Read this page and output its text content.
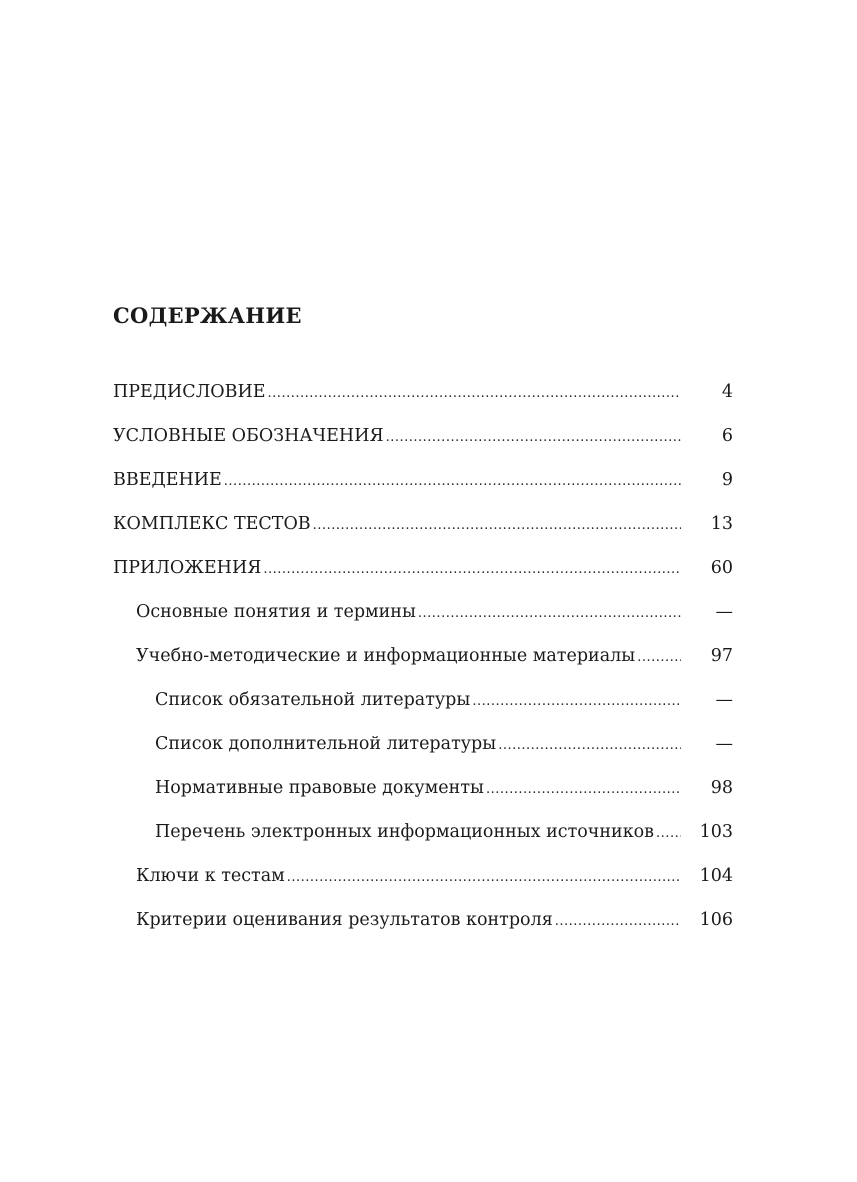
СОДЕРЖАНИЕ
ПРЕДИСЛОВИЕ .....	4
УСЛОВНЫЕ ОБОЗНАЧЕНИЯ .....	6
ВВЕДЕНИЕ .....	9
КОМПЛЕКС ТЕСТОВ .....	13
ПРИЛОЖЕНИЯ .....	60
Основные понятия и термины .....	—
Учебно-методические и информационные материалы .....	97
Список обязательной литературы .....	—
Список дополнительной литературы .....	—
Нормативные правовые документы .....	98
Перечень электронных информационных источников .....	103
Ключи к тестам .....	104
Критерии оценивания результатов контроля .....	106
